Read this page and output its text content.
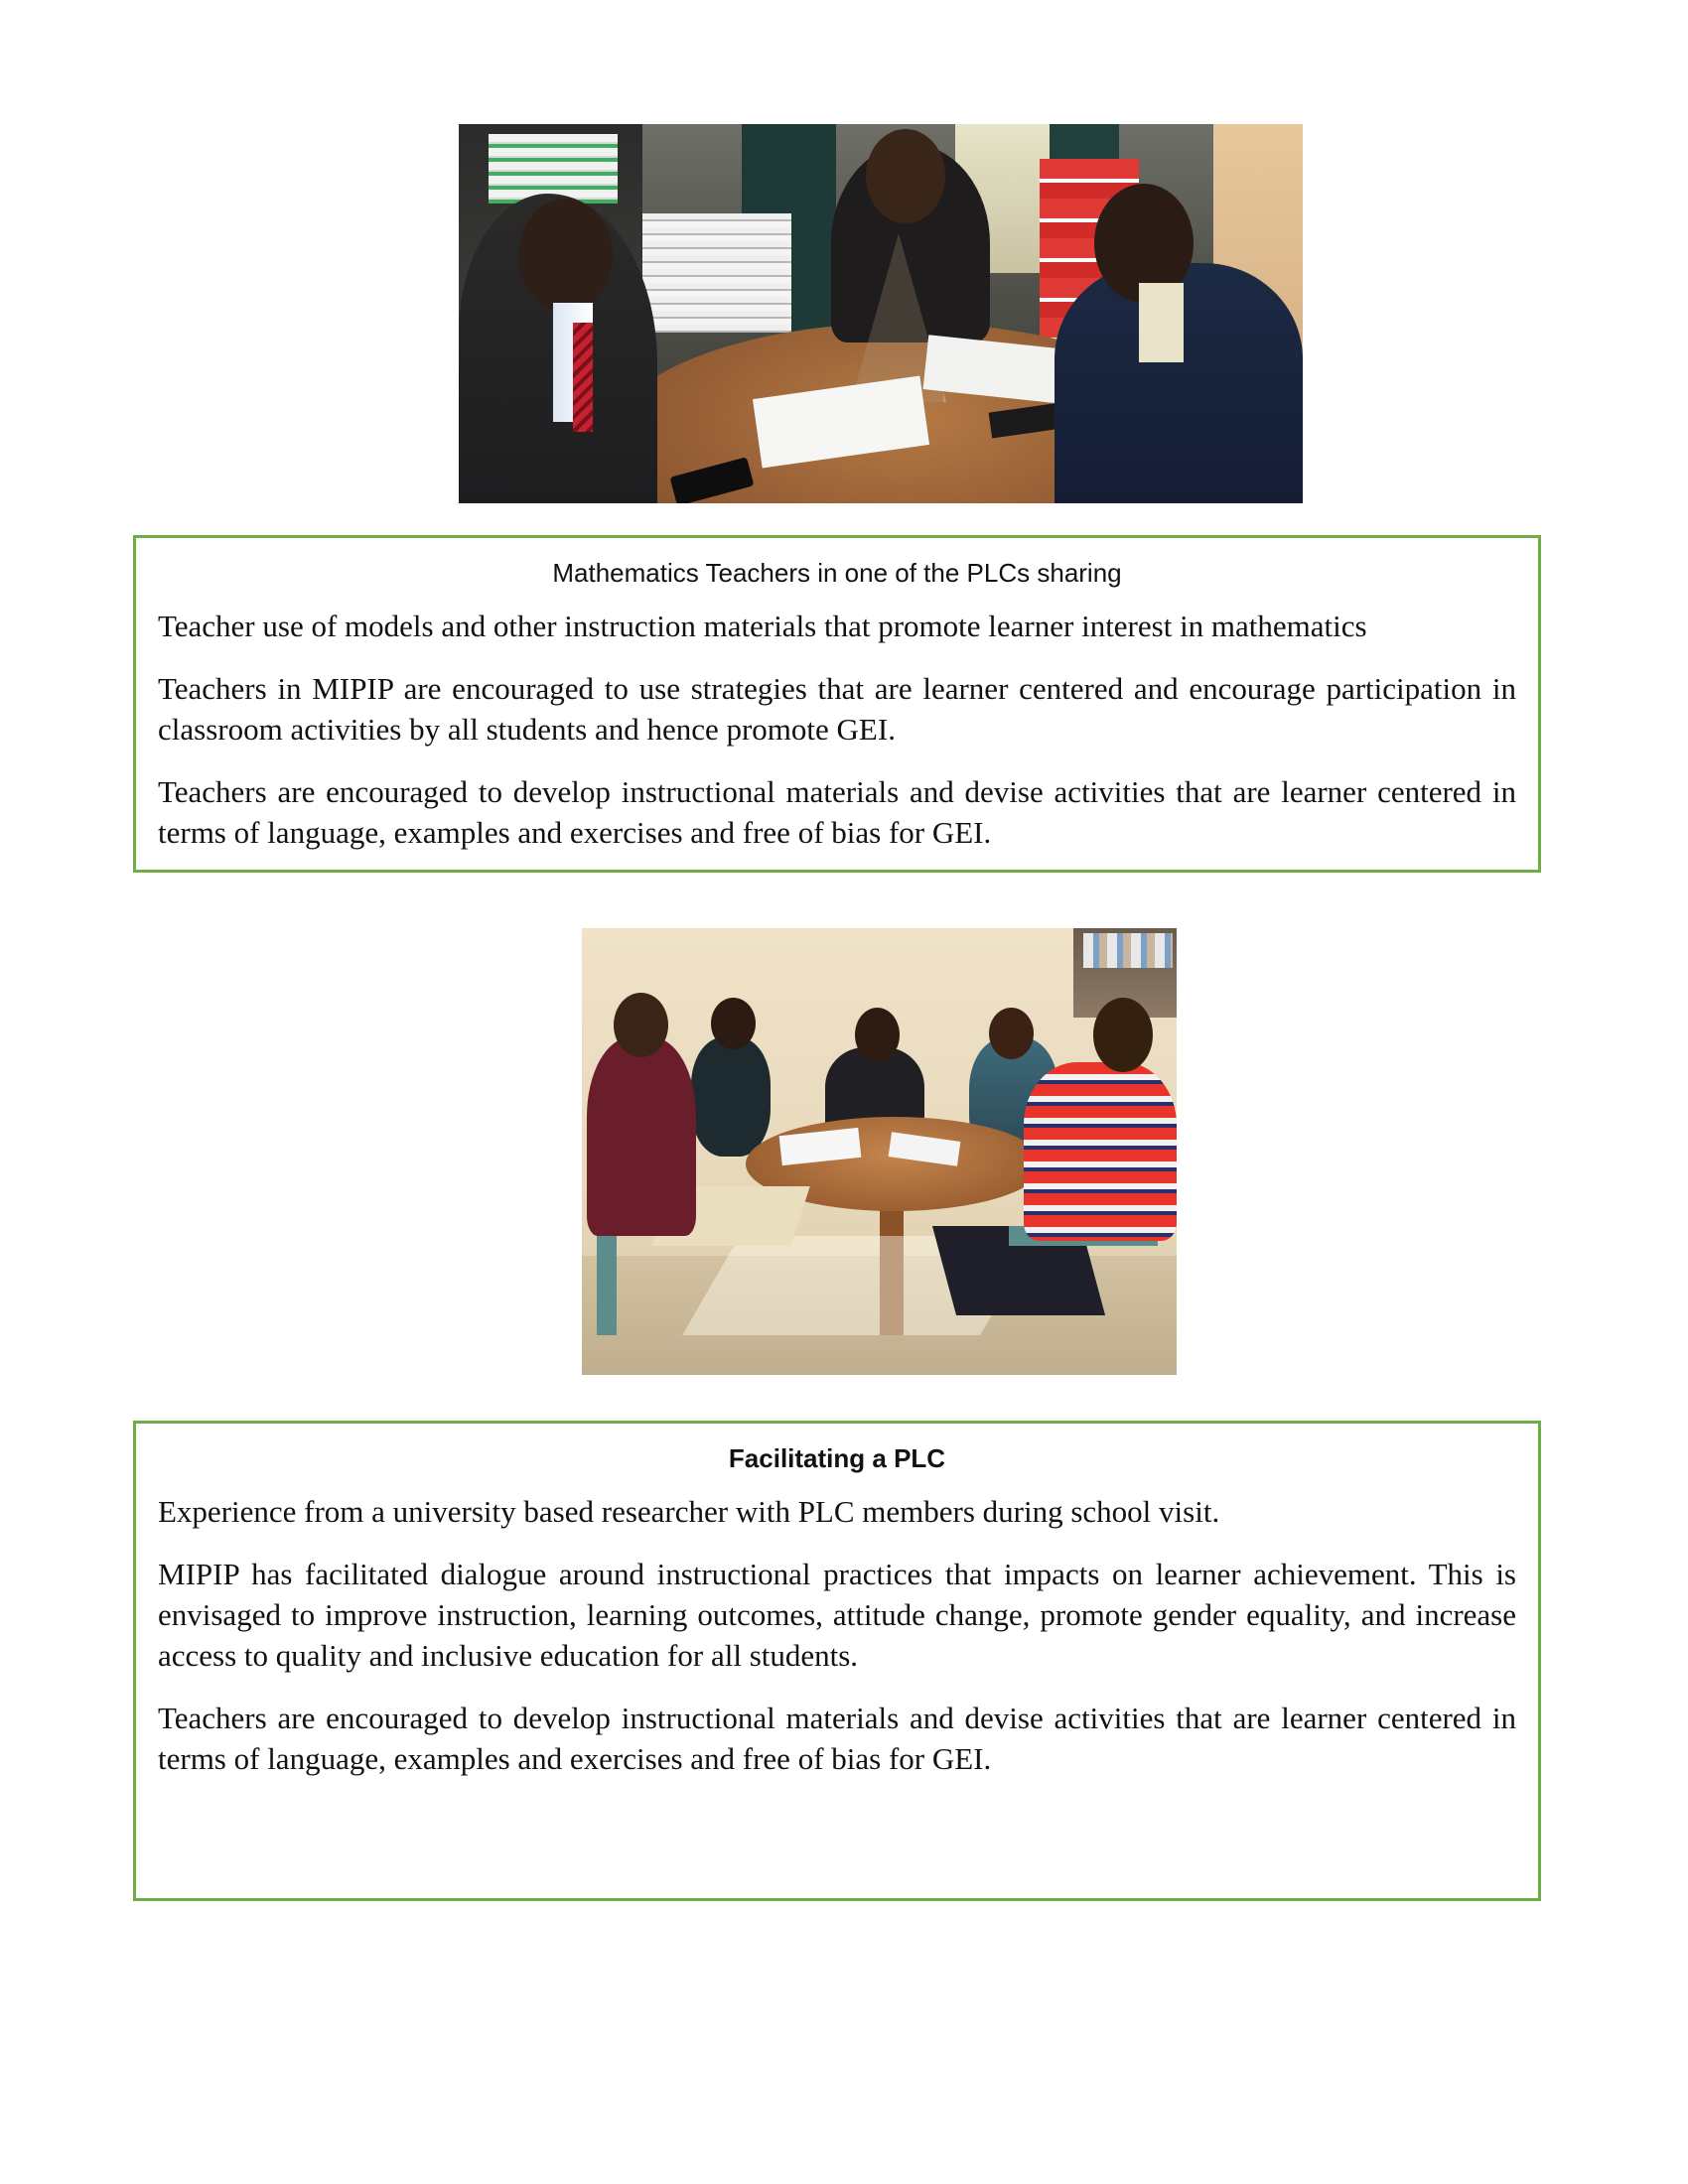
Mathematics Teachers in one of the PLCs sharing

Teacher use of models and other instruction materials that promote learner interest in mathematics

Teachers in MIPIP are encouraged to use strategies that are learner centered and encourage participation in classroom activities by all students and hence promote GEI.

Teachers are encouraged to develop instructional materials and devise activities that are learner centered in terms of language, examples and exercises and free of bias for GEI.

Facilitating a PLC

Experience from a university based researcher with PLC members during school visit.

MIPIP has facilitated dialogue around instructional practices that impacts on learner achievement. This is envisaged to improve instruction, learning outcomes, attitude change, promote gender equality, and increase access to quality and inclusive education for all students.

Teachers are encouraged to develop instructional materials and devise activities that are learner centered in terms of language, examples and exercises and free of bias for GEI.
